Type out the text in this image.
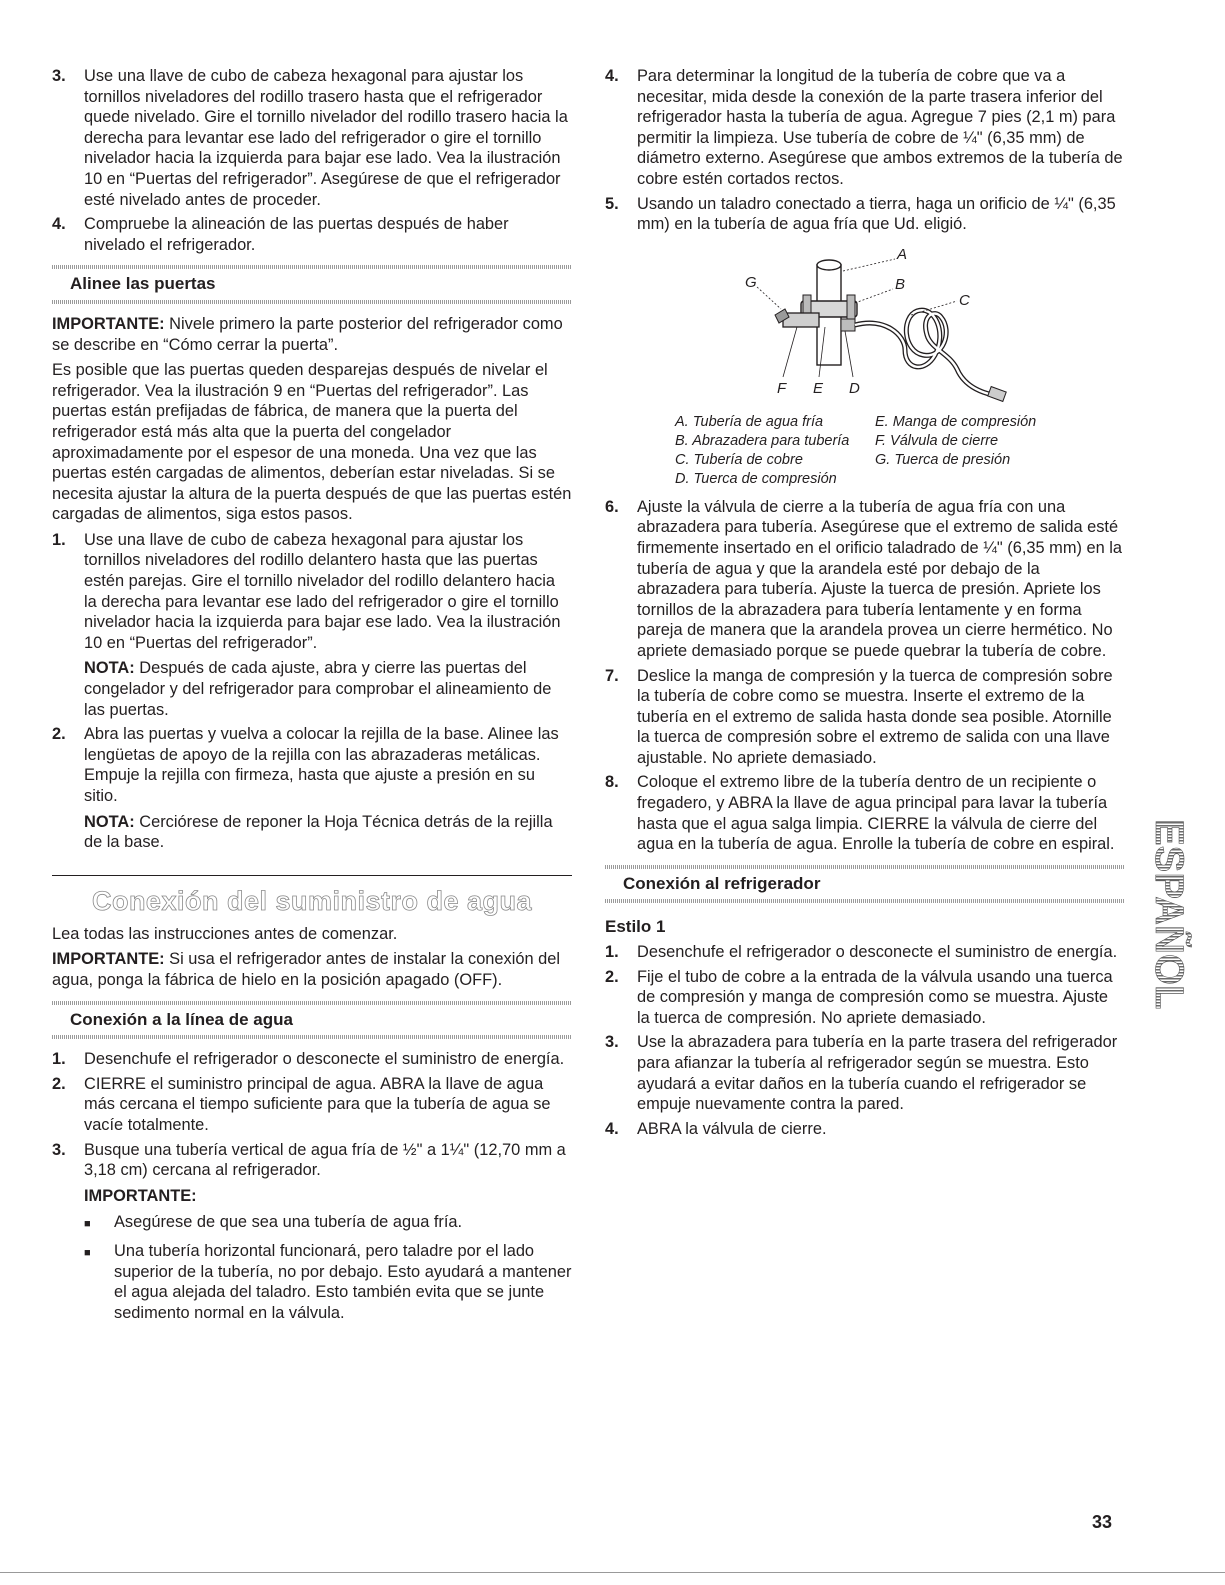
3.	Use una llave de cubo de cabeza hexagonal para ajustar los tornillos niveladores del rodillo trasero hasta que el refrigerador quede nivelado. Gire el tornillo nivelador del rodillo trasero hacia la derecha para levantar ese lado del refrigerador o gire el tornillo nivelador hacia la izquierda para bajar ese lado. Vea la ilustración 10 en “Puertas del refrigerador”. Asegúrese de que el refrigerador esté nivelado antes de proceder.

4.	Compruebe la alineación de las puertas después de haber nivelado el refrigerador.

Alinee las puertas

IMPORTANTE: Nivele primero la parte posterior del refrigerador como se describe en “Cómo cerrar la puerta”.

Es posible que las puertas queden desparejas después de nivelar el refrigerador. Vea la ilustración 9 en “Puertas del refrigerador”. Las puertas están prefijadas de fábrica, de manera que la puerta del refrigerador está más alta que la puerta del congelador aproximadamente por el espesor de una moneda. Una vez que las puertas estén cargadas de alimentos, deberían estar niveladas. Si se necesita ajustar la altura de la puerta después de que las puertas estén cargadas de alimentos, siga estos pasos.

1.	Use una llave de cubo de cabeza hexagonal para ajustar los tornillos niveladores del rodillo delantero hasta que las puertas estén parejas. Gire el tornillo nivelador del rodillo delantero hacia la derecha para levantar ese lado del refrigerador o gire el tornillo nivelador hacia la izquierda para bajar ese lado. Vea la ilustración 10 en “Puertas del refrigerador”.

NOTA: Después de cada ajuste, abra y cierre las puertas del congelador y del refrigerador para comprobar el alineamiento de las puertas.

2.	Abra las puertas y vuelva a colocar la rejilla de la base. Alinee las lengüetas de apoyo de la rejilla con las abrazaderas metálicas. Empuje la rejilla con firmeza, hasta que ajuste a presión en su sitio.

NOTA: Cerciórese de reponer la Hoja Técnica detrás de la rejilla de la base.

Conexión del suministro de agua

Lea todas las instrucciones antes de comenzar.

IMPORTANTE: Si usa el refrigerador antes de instalar la conexión del agua, ponga la fábrica de hielo en la posición apagado (OFF).

Conexión a la línea de agua
1.	Desenchufe el refrigerador o desconecte el suministro de energía.

2.	CIERRE el suministro principal de agua. ABRA la llave de agua más cercana el tiempo suficiente para que la tubería de agua se vacíe totalmente.

3.	Busque una tubería vertical de agua fría de ½" a 1¼" (12,70 mm a 3,18 cm) cercana al refrigerador.

IMPORTANTE:

■	Asegúrese de que sea una tubería de agua fría.
■	Una tubería horizontal funcionará, pero taladre por el lado superior de la tubería, no por debajo. Esto ayudará a mantener el agua alejada del taladro. Esto también evita que se junte sedimento normal en la válvula.
4.	Para determinar la longitud de la tubería de cobre que va a necesitar, mida desde la conexión de la parte trasera inferior del refrigerador hasta la tubería de agua. Agregue 7 pies (2,1 m) para permitir la limpieza. Use tubería de cobre de ¼" (6,35 mm) de diámetro externo. Asegúrese que ambos extremos de la tubería de cobre estén cortados rectos.

5.	Usando un taladro conectado a tierra, haga un orificio de ¼" (6,35 mm) en la tubería de agua fría que Ud. eligió.

A
B
C
D
E
F
G
A. Tubería de agua fría	E. Manga de compresión
B. Abrazadera para tubería	F. Válvula de cierre
C. Tubería de cobre	G. Tuerca de presión
D. Tuerca de compresión
6.	Ajuste la válvula de cierre a la tubería de agua fría con una abrazadera para tubería. Asegúrese que el extremo de salida esté firmemente insertado en el orificio taladrado de ¼" (6,35 mm) en la tubería de agua y que la arandela esté por debajo de la abrazadera para tubería. Ajuste la tuerca de presión. Apriete los tornillos de la abrazadera para tubería lentamente y en forma pareja de manera que la arandela provea un cierre hermético. No apriete demasiado porque se puede quebrar la tubería de cobre.

7.	Deslice la manga de compresión y la tuerca de compresión sobre la tubería de cobre como se muestra. Inserte el extremo de la tubería en el extremo de salida hasta donde sea posible. Atornille la tuerca de compresión sobre el extremo de salida con una llave ajustable. No apriete demasiado.

8.	Coloque el extremo libre de la tubería dentro de un recipiente o fregadero, y ABRA la llave de agua principal para lavar la tubería hasta que el agua salga limpia. CIERRE la válvula de cierre del agua en la tubería de agua. Enrolle la tubería de cobre en espiral.

Conexión al refrigerador
Estilo 1
1.	Desenchufe el refrigerador o desconecte el suministro de energía.

2.	Fije el tubo de cobre a la entrada de la válvula usando una tuerca de compresión y manga de compresión como se muestra. Ajuste la tuerca de compresión. No apriete demasiado.

3.	Use la abrazadera para tubería en la parte trasera del refrigerador para afianzar la tubería al refrigerador según se muestra. Esto ayudará a evitar daños en la tubería cuando el refrigerador se empuje nuevamente contra la pared.

4.	ABRA la válvula de cierre.

ESPAÑOL
33
